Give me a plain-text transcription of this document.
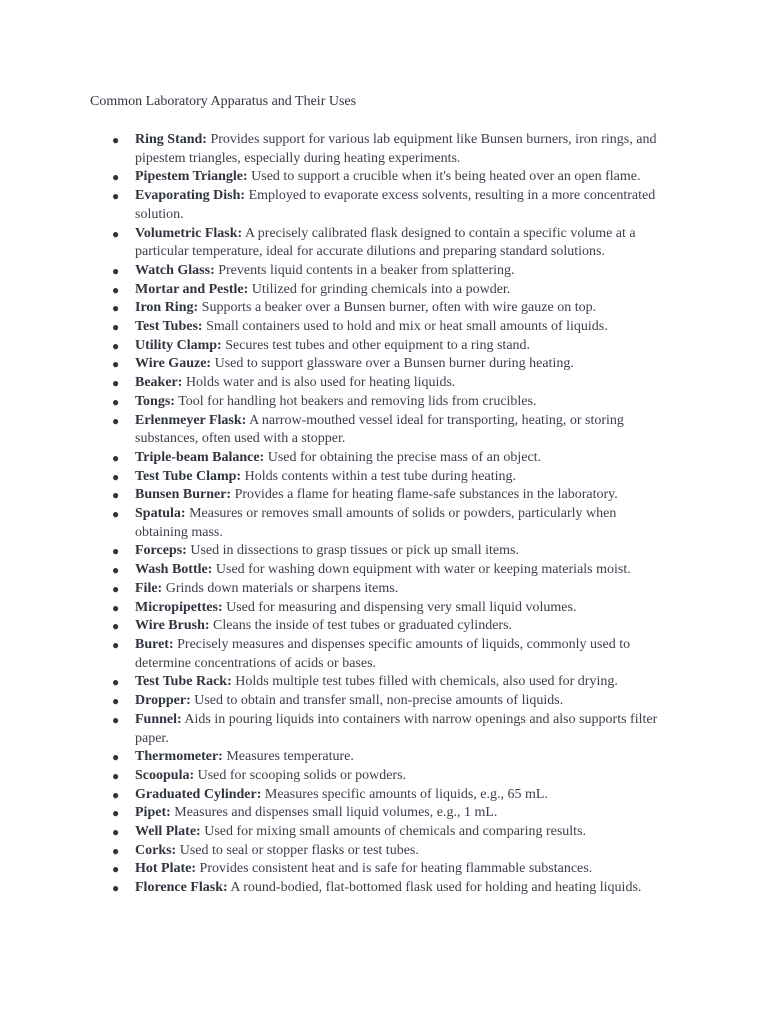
Common Laboratory Apparatus and Their Uses
● Ring Stand: Provides support for various lab equipment like Bunsen burners, iron rings, and pipestem triangles, especially during heating experiments.
● Pipestem Triangle: Used to support a crucible when it's being heated over an open flame.
● Evaporating Dish: Employed to evaporate excess solvents, resulting in a more concentrated solution.
● Volumetric Flask: A precisely calibrated flask designed to contain a specific volume at a particular temperature, ideal for accurate dilutions and preparing standard solutions.
● Watch Glass: Prevents liquid contents in a beaker from splattering.
● Mortar and Pestle: Utilized for grinding chemicals into a powder.
● Iron Ring: Supports a beaker over a Bunsen burner, often with wire gauze on top.
● Test Tubes: Small containers used to hold and mix or heat small amounts of liquids.
● Utility Clamp: Secures test tubes and other equipment to a ring stand.
● Wire Gauze: Used to support glassware over a Bunsen burner during heating.
● Beaker: Holds water and is also used for heating liquids.
● Tongs: Tool for handling hot beakers and removing lids from crucibles.
● Erlenmeyer Flask: A narrow-mouthed vessel ideal for transporting, heating, or storing substances, often used with a stopper.
● Triple-beam Balance: Used for obtaining the precise mass of an object.
● Test Tube Clamp: Holds contents within a test tube during heating.
● Bunsen Burner: Provides a flame for heating flame-safe substances in the laboratory.
● Spatula: Measures or removes small amounts of solids or powders, particularly when obtaining mass.
● Forceps: Used in dissections to grasp tissues or pick up small items.
● Wash Bottle: Used for washing down equipment with water or keeping materials moist.
● File: Grinds down materials or sharpens items.
● Micropipettes: Used for measuring and dispensing very small liquid volumes.
● Wire Brush: Cleans the inside of test tubes or graduated cylinders.
● Buret: Precisely measures and dispenses specific amounts of liquids, commonly used to determine concentrations of acids or bases.
● Test Tube Rack: Holds multiple test tubes filled with chemicals, also used for drying.
● Dropper: Used to obtain and transfer small, non-precise amounts of liquids.
● Funnel: Aids in pouring liquids into containers with narrow openings and also supports filter paper.
● Thermometer: Measures temperature.
● Scoopula: Used for scooping solids or powders.
● Graduated Cylinder: Measures specific amounts of liquids, e.g., 65 mL.
● Pipet: Measures and dispenses small liquid volumes, e.g., 1 mL.
● Well Plate: Used for mixing small amounts of chemicals and comparing results.
● Corks: Used to seal or stopper flasks or test tubes.
● Hot Plate: Provides consistent heat and is safe for heating flammable substances.
● Florence Flask: A round-bodied, flat-bottomed flask used for holding and heating liquids.
